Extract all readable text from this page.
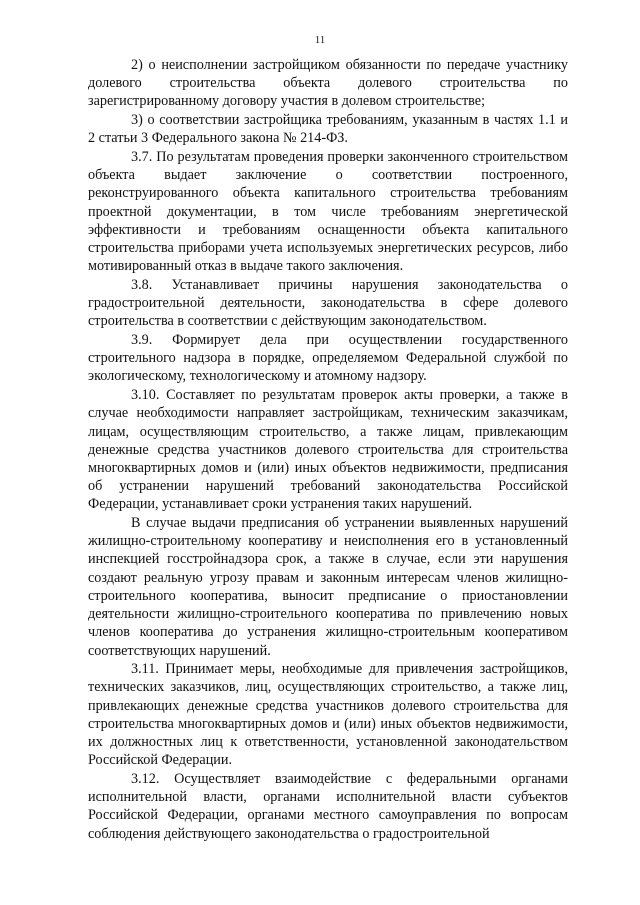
11

2) о неисполнении застройщиком обязанности по передаче участнику долевого строительства объекта долевого строительства по зарегистрированному договору участия в долевом строительстве;

3) о соответствии застройщика требованиям, указанным в частях 1.1 и 2 статьи 3 Федерального закона № 214-ФЗ.

3.7. По результатам проведения проверки законченного строительством объекта выдает заключение о соответствии построенного, реконструированного объекта капитального строительства требованиям проектной документации, в том числе требованиям энергетической эффективности и требованиям оснащенности объекта капитального строительства приборами учета используемых энергетических ресурсов, либо мотивированный отказ в выдаче такого заключения.

3.8. Устанавливает причины нарушения законодательства о градостроительной деятельности, законодательства в сфере долевого строительства в соответствии с действующим законодательством.

3.9. Формирует дела при осуществлении государственного строительного надзора в порядке, определяемом Федеральной службой по экологическому, технологическому и атомному надзору.

3.10. Составляет по результатам проверок акты проверки, а также в случае необходимости направляет застройщикам, техническим заказчикам, лицам, осуществляющим строительство, а также лицам, привлекающим денежные средства участников долевого строительства для строительства многоквартирных домов и (или) иных объектов недвижимости, предписания об устранении нарушений требований законодательства Российской Федерации, устанавливает сроки устранения таких нарушений.

В случае выдачи предписания об устранении выявленных нарушений жилищно-строительному кооперативу и неисполнения его в установленный инспекцией госстройнадзора срок, а также в случае, если эти нарушения создают реальную угрозу правам и законным интересам членов жилищно-строительного кооператива, выносит предписание о приостановлении деятельности жилищно-строительного кооператива по привлечению новых членов кооператива до устранения жилищно-строительным кооперативом соответствующих нарушений.

3.11. Принимает меры, необходимые для привлечения застройщиков, технических заказчиков, лиц, осуществляющих строительство, а также лиц, привлекающих денежные средства участников долевого строительства для строительства многоквартирных домов и (или) иных объектов недвижимости, их должностных лиц к ответственности, установленной законодательством Российской Федерации.

3.12. Осуществляет взаимодействие с федеральными органами исполнительной власти, органами исполнительной власти субъектов Российской Федерации, органами местного самоуправления по вопросам соблюдения действующего законодательства о градостроительной
